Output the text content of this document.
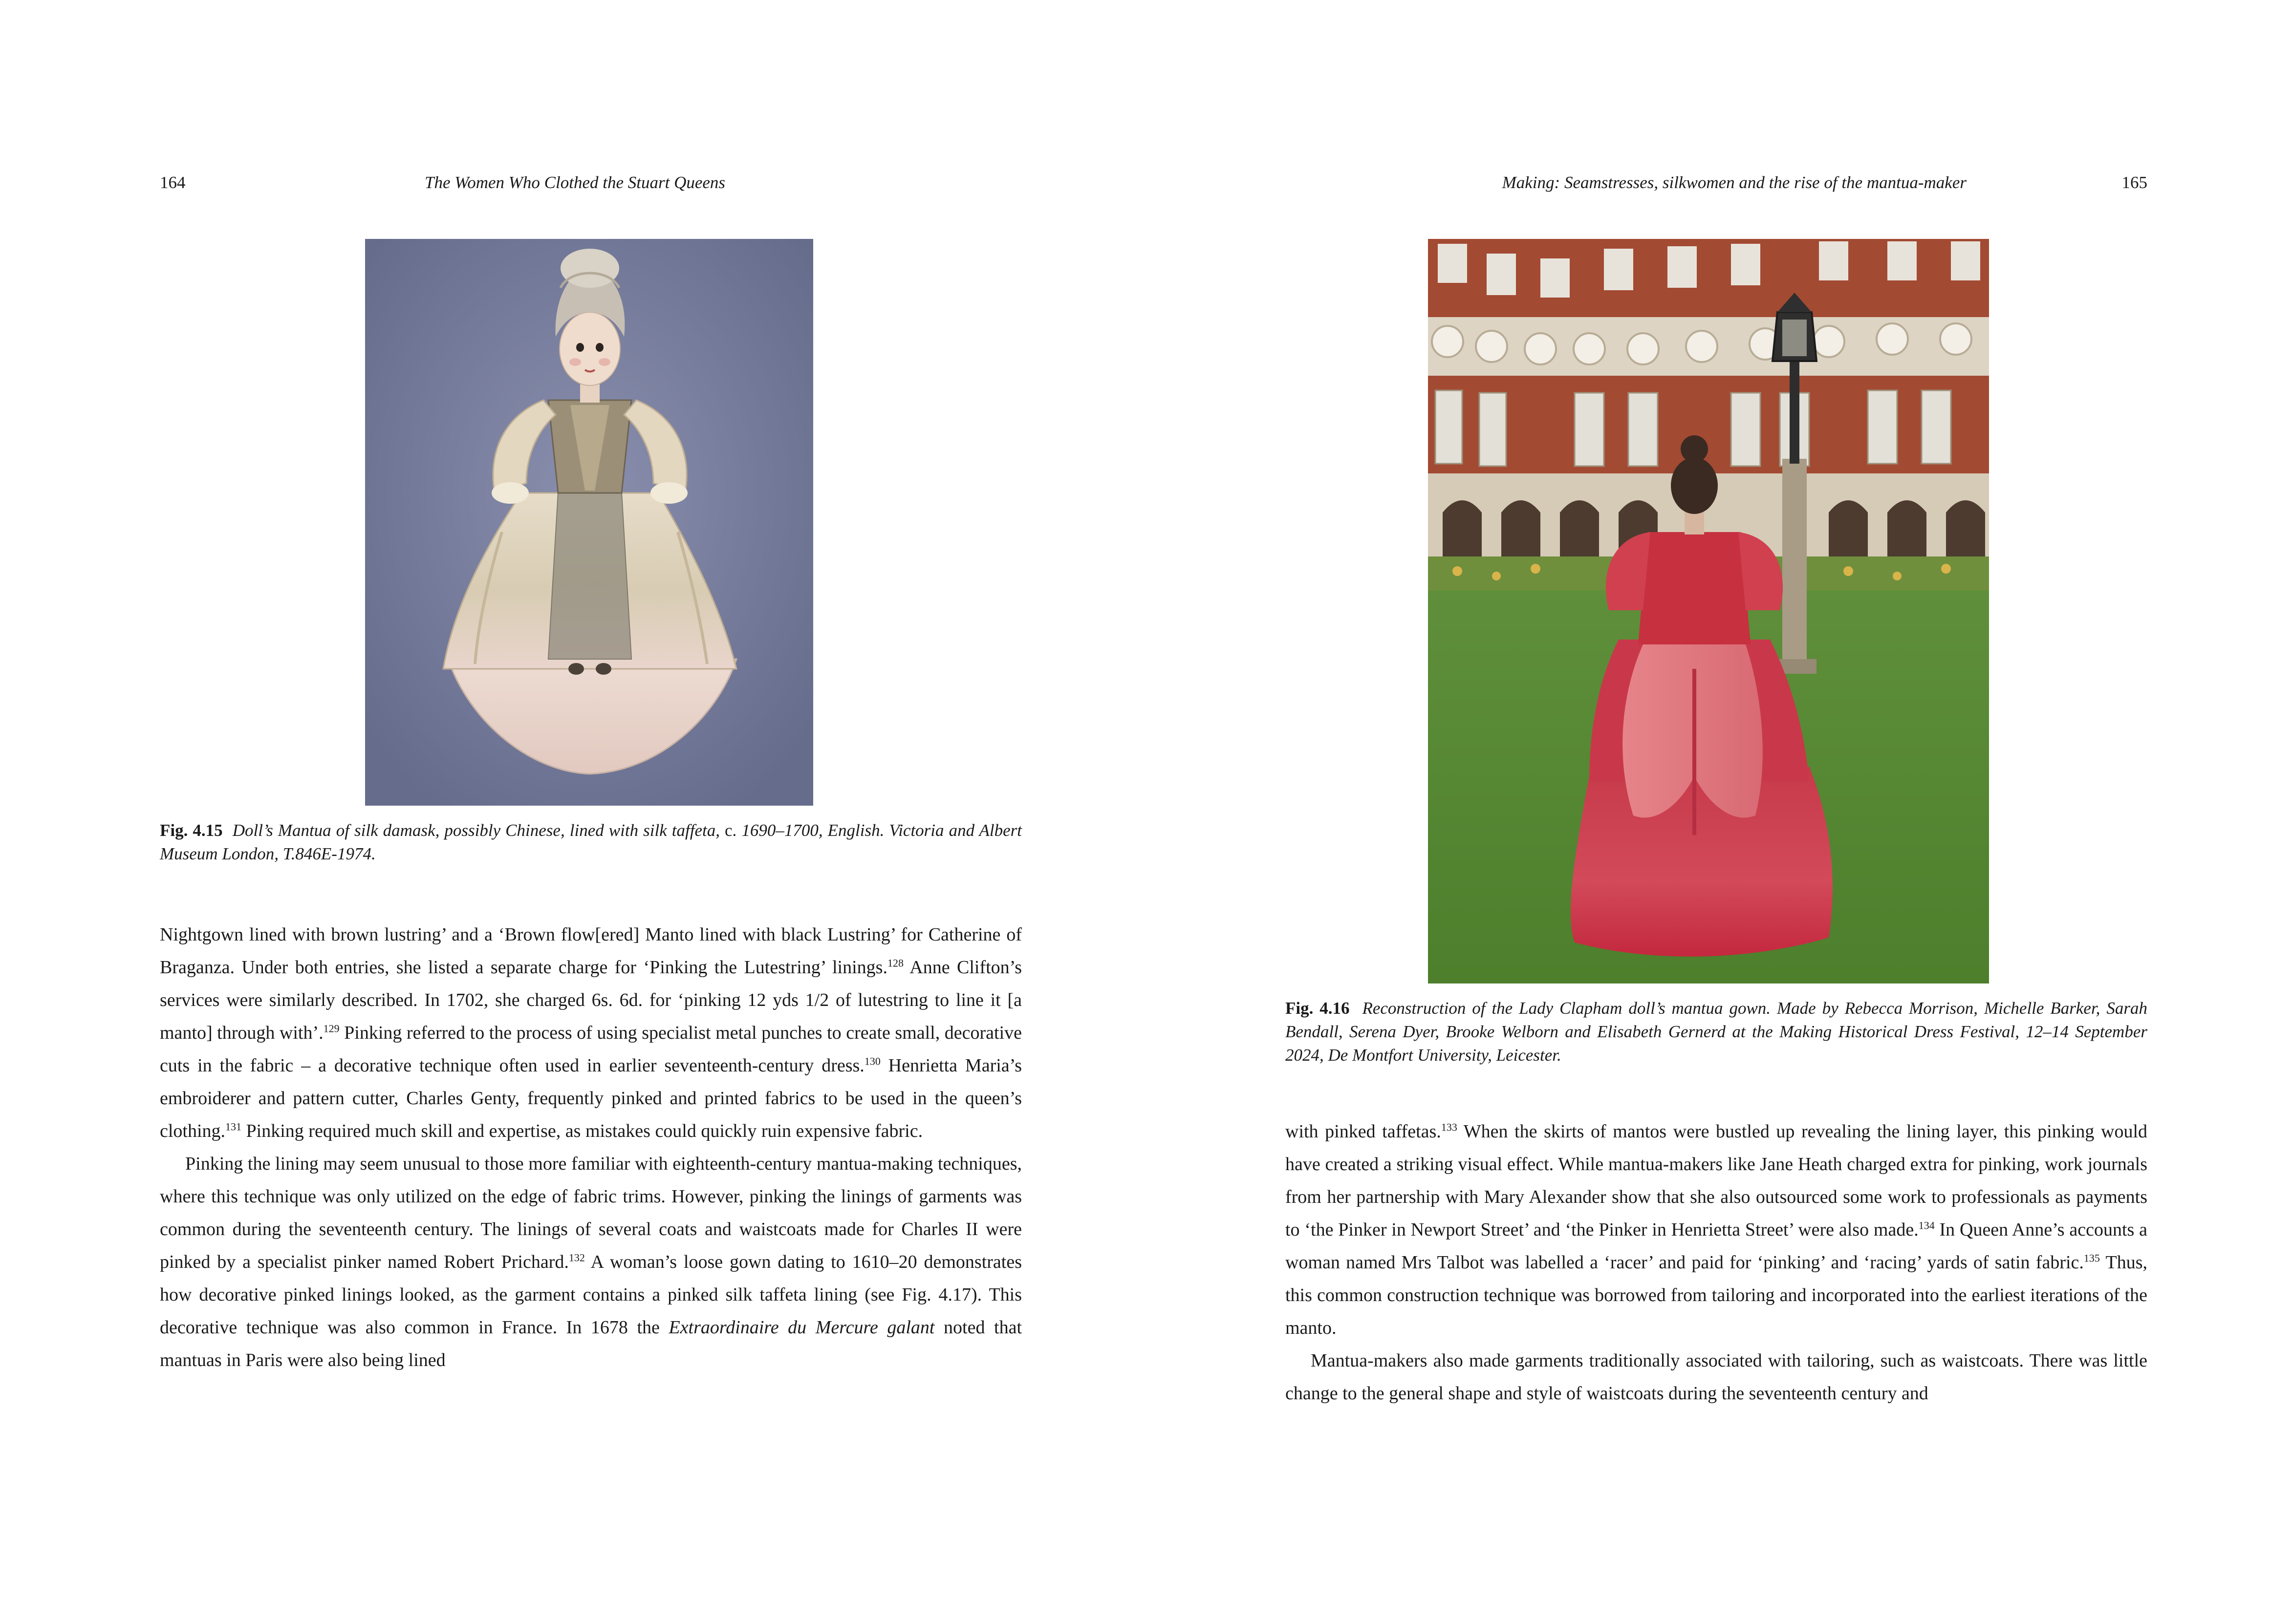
164	The Women Who Clothed the Stuart Queens
Fig. 4.15 Doll’s Mantua of silk damask, possibly Chinese, lined with silk taffeta, c. 1690–1700, English. Victoria and Albert Museum London, T.846E-1974.

Nightgown lined with brown lustring’ and a ‘Brown flow[ered] Manto lined with black Lustring’ for Catherine of Braganza. Under both entries, she listed a separate charge for ‘Pinking the Lutestring’ linings.$^{128}$ Anne Clifton’s services were similarly described. In 1702, she charged 6s. 6d. for ‘pinking 12 yds 1/2 of lutestring to line it [a manto] through with’.$^{129}$ Pinking referred to the process of using specialist metal punches to create small, decorative cuts in the fabric – a decorative technique often used in earlier seventeenth-century dress.$^{130}$ Henrietta Maria’s embroiderer and pattern cutter, Charles Genty, frequently pinked and printed fabrics to be used in the queen’s clothing.$^{131}$ Pinking required much skill and expertise, as mistakes could quickly ruin expensive fabric.

Pinking the lining may seem unusual to those more familiar with eighteenth-century mantua-making techniques, where this technique was only utilized on the edge of fabric trims. However, pinking the linings of garments was common during the seventeenth century. The linings of several coats and waistcoats made for Charles II were pinked by a specialist pinker named Robert Prichard.$^{132}$ A woman’s loose gown dating to 1610–20 demonstrates how decorative pinked linings looked, as the garment contains a pinked silk taffeta lining (see Fig. 4.17). This decorative technique was also common in France. In 1678 the Extraordinaire du Mercure galant noted that mantuas in Paris were also being lined

Making: Seamstresses, silkwomen and the rise of the mantua-maker	165
Fig. 4.16 Reconstruction of the Lady Clapham doll’s mantua gown. Made by Rebecca Morrison, Michelle Barker, Sarah Bendall, Serena Dyer, Brooke Welborn and Elisabeth Gernerd at the Making Historical Dress Festival, 12–14 September 2024, De Montfort University, Leicester.

with pinked taffetas.$^{133}$ When the skirts of mantos were bustled up revealing the lining layer, this pinking would have created a striking visual effect. While mantua-makers like Jane Heath charged extra for pinking, work journals from her partnership with Mary Alexander show that she also outsourced some work to professionals as payments to ‘the Pinker in Newport Street’ and ‘the Pinker in Henrietta Street’ were also made.$^{134}$ In Queen Anne’s accounts a woman named Mrs Talbot was labelled a ‘racer’ and paid for ‘pinking’ and ‘racing’ yards of satin fabric.$^{135}$ Thus, this common construction technique was borrowed from tailoring and incorporated into the earliest iterations of the manto.

Mantua-makers also made garments traditionally associated with tailoring, such as waistcoats. There was little change to the general shape and style of waistcoats during the seventeenth century and
